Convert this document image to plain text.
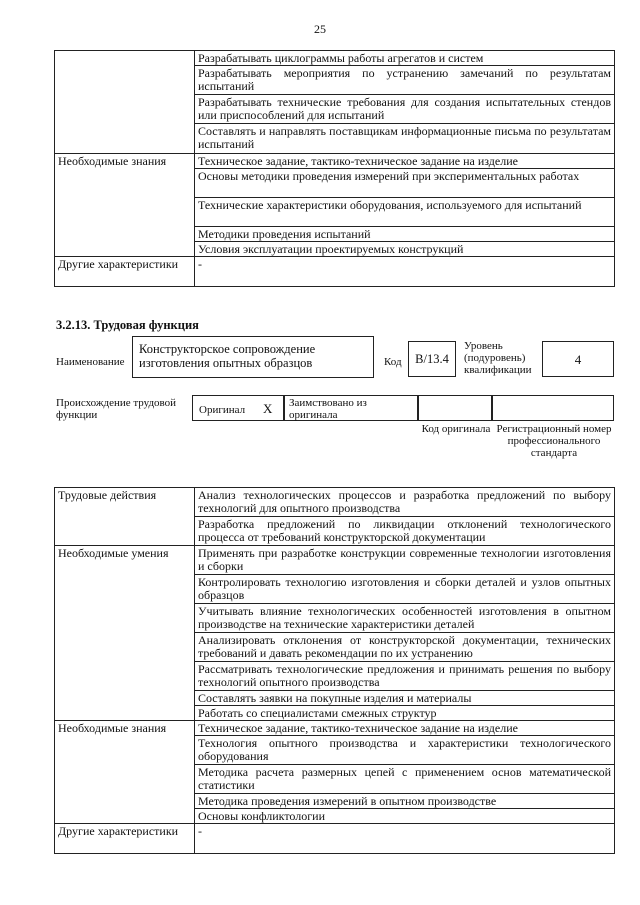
25
	Разрабатывать циклограммы работы агрегатов и систем
	Разрабатывать мероприятия по устранению замечаний по результатам испытаний
	Разрабатывать технические требования для создания испытательных стендов или приспособлений для испытаний
	Составлять и направлять поставщикам информационные письма по результатам испытаний
Необходимые знания	Техническое задание, тактико-техническое задание на изделие
	Основы методики проведения измерений при экспериментальных работах
	Технические характеристики оборудования, используемого для испытаний
	Методики проведения испытаний
	Условия эксплуатации проектируемых конструкций
Другие характеристики	-
3.2.13. Трудовая функция
Наименование
Конструкторское сопровождение изготовления опытных образцов	Код	В/13.4
Уровень (подуровень) квалификации
4
Происхождение трудовой функции	Оригинал X Заимствовано из оригинала
Код оригинала Регистрационный номер профессионального стандарта
Трудовые действия	Анализ технологических процессов и разработка предложений по выбору технологий для опытного производства
	Разработка предложений по ликвидации отклонений технологического процесса от требований конструкторской документации
Необходимые умения	Применять при разработке конструкции современные технологии изготовления и сборки
	Контролировать технологию изготовления и сборки деталей и узлов опытных образцов
	Учитывать влияние технологических особенностей изготовления в опытном производстве на технические характеристики деталей
	Анализировать отклонения от конструкторской документации, технических требований и давать рекомендации по их устранению
	Рассматривать технологические предложения и принимать решения по выбору технологий опытного производства
	Составлять заявки на покупные изделия и материалы
	Работать со специалистами смежных структур
Необходимые знания	Техническое задание, тактико-техническое задание на изделие
	Технология опытного производства и характеристики технологического оборудования
	Методика расчета размерных цепей с применением основ математической статистики
	Методика проведения измерений в опытном производстве
	Основы конфликтологии
Другие характеристики	-
